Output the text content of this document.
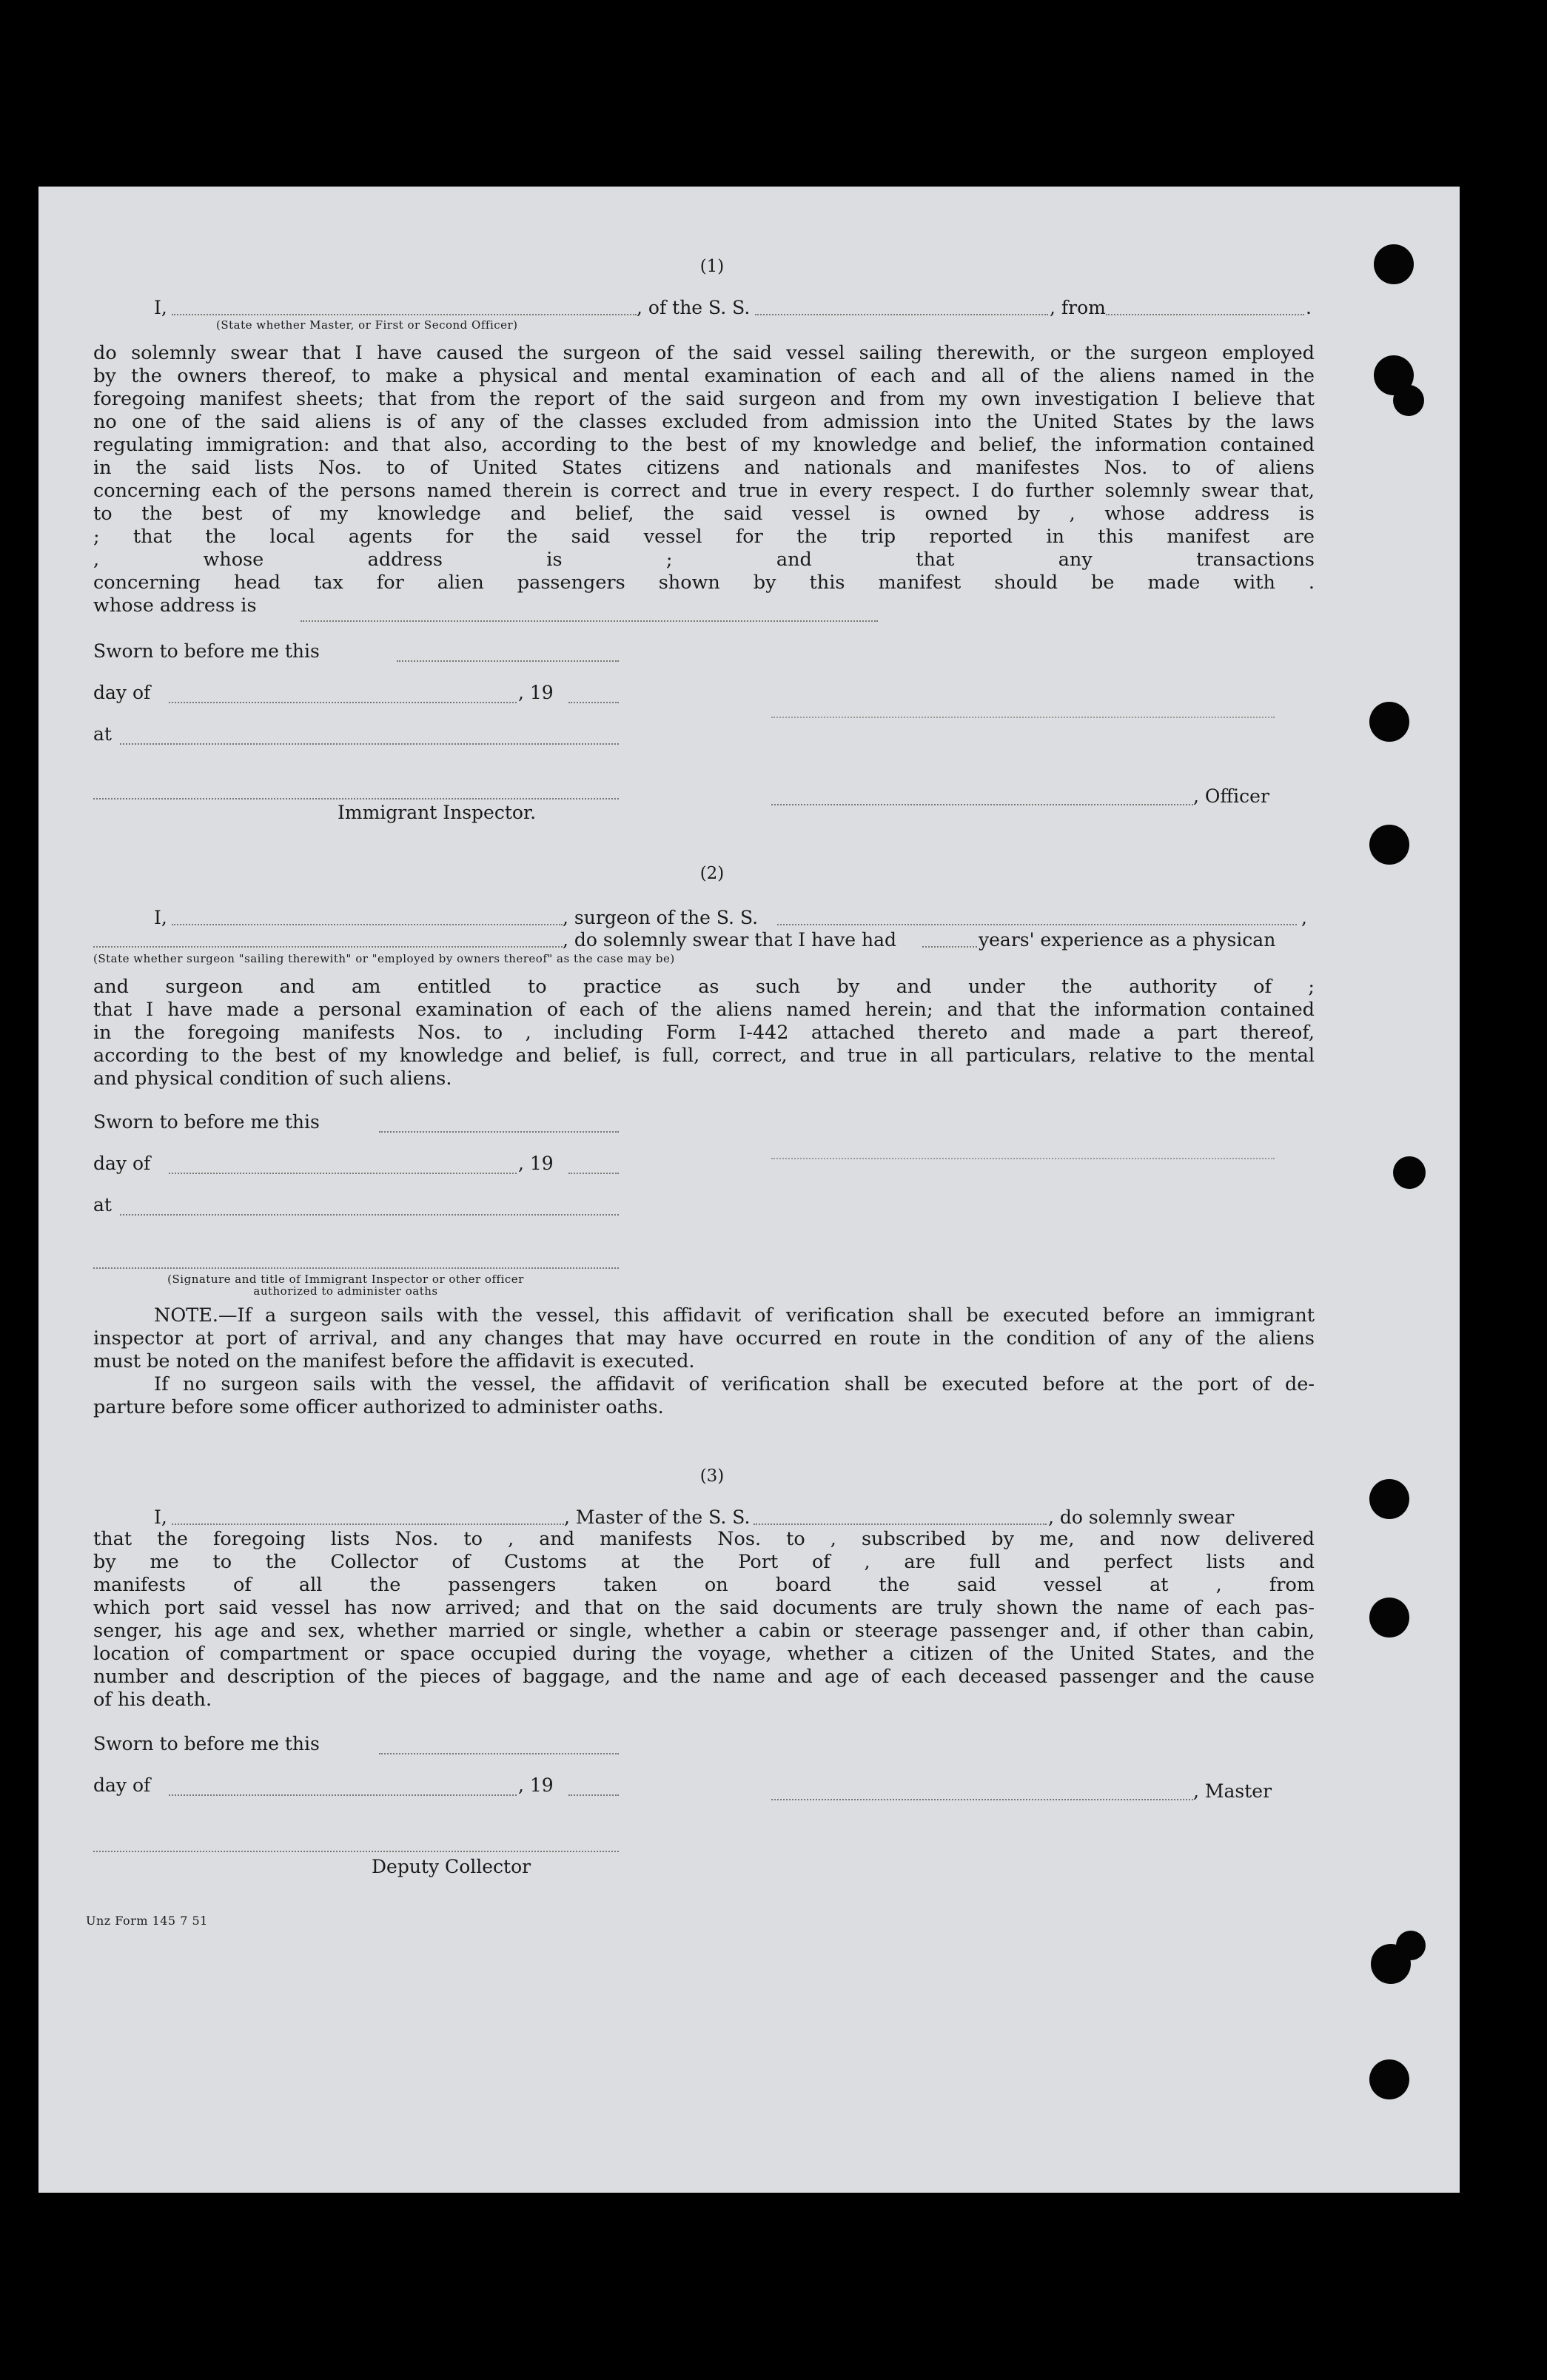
(1)
I,	, of the S. S.	, from	.
(State whether Master, or First or Second Officer)
do solemnly swear that I have caused the surgeon of the said vessel sailing therewith, or the surgeon employed
by the owners thereof, to make a physical and mental examination of each and all of the aliens named in the
foregoing manifest sheets; that from the report of the said surgeon and from my own investigation I believe that
no one of the said aliens is of any of the classes excluded from admission into the United States by the laws
regulating immigration: and that also, according to the best of my knowledge and belief, the information contained
in the said lists Nos. to of United States citizens and nationals and manifestes Nos. to of aliens
concerning each of the persons named therein is correct and true in every respect. I do further solemnly swear that,
to the best of my knowledge and belief, the said vessel is owned by , whose address is
; that the local agents for the said vessel for the trip reported in this manifest are
, whose address is ; and that any transactions
concerning head tax for alien passengers shown by this manifest should be made with .
whose address is
Sworn to before me this
day of	, 19
at
, Officer
Immigrant Inspector.
(2)
I,	, surgeon of the S. S.	,
, do solemnly swear that I have had	years' experience as a physican
(State whether surgeon "sailing therewith" or "employed by owners thereof" as the case may be)
and surgeon and am entitled to practice as such by and under the authority of ;
that I have made a personal examination of each of the aliens named herein; and that the information contained
in the foregoing manifests Nos. to , including Form I-442 attached thereto and made a part thereof,
according to the best of my knowledge and belief, is full, correct, and true in all particulars, relative to the mental
and physical condition of such aliens.
Sworn to before me this
day of	, 19
at
(Signature and title of Immigrant Inspector or other officer authorized to administer oaths
NOTE.—If a surgeon sails with the vessel, this affidavit of verification shall be executed before an immigrant
inspector at port of arrival, and any changes that may have occurred en route in the condition of any of the aliens
must be noted on the manifest before the affidavit is executed.
If no surgeon sails with the vessel, the affidavit of verification shall be executed before at the port of de-
parture before some officer authorized to administer oaths.
(3)
I,	, Master of the S. S.	, do solemnly swear
that the foregoing lists Nos. to , and manifests Nos. to , subscribed by me, and now delivered
by me to the Collector of Customs at the Port of , are full and perfect lists and
manifests of all the passengers taken on board the said vessel at , from
which port said vessel has now arrived; and that on the said documents are truly shown the name of each pas-
senger, his age and sex, whether married or single, whether a cabin or steerage passenger and, if other than cabin,
location of compartment or space occupied during the voyage, whether a citizen of the United States, and the
number and description of the pieces of baggage, and the name and age of each deceased passenger and the cause
of his death.
Sworn to before me this
day of	, 19	, Master
Deputy Collector
Unz Form 145 7 51
